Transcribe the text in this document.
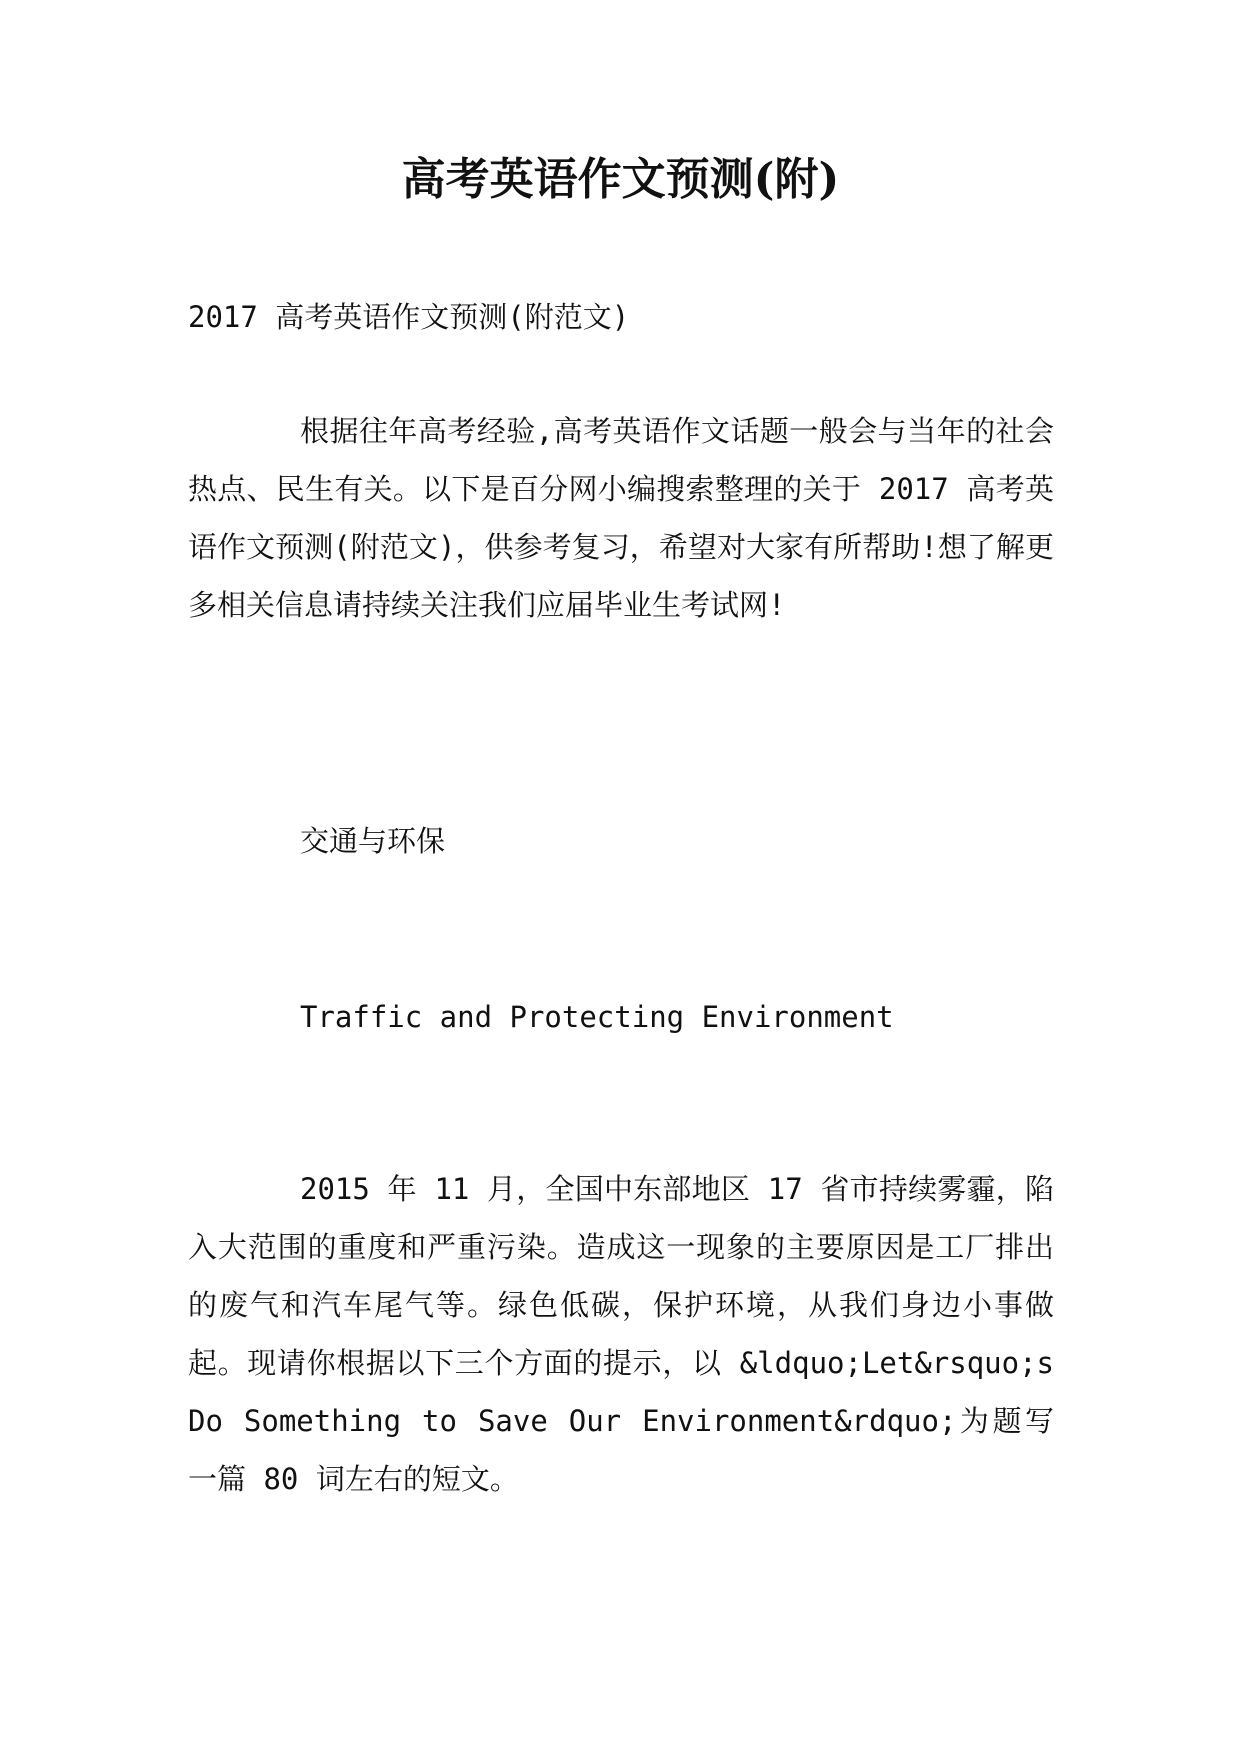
高考英语作文预测(附)

2017 高考英语作文预测(附范文)

根据往年高考经验,高考英语作文话题一般会与当年的社会热点、民生有关。以下是百分网小编搜索整理的关于 2017 高考英语作文预测(附范文)，供参考复习，希望对大家有所帮助!想了解更多相关信息请持续关注我们应届毕业生考试网!

交通与环保

Traffic and Protecting Environment

2015 年 11 月，全国中东部地区 17 省市持续雾霾，陷入大范围的重度和严重污染。造成这一现象的主要原因是工厂排出的废气和汽车尾气等。绿色低碳，保护环境，从我们身边小事做起。现请你根据以下三个方面的提示，以 &ldquo;Let&rsquo;s Do Something to Save Our Environment&rdquo;为题写一篇 80 词左右的短文。
